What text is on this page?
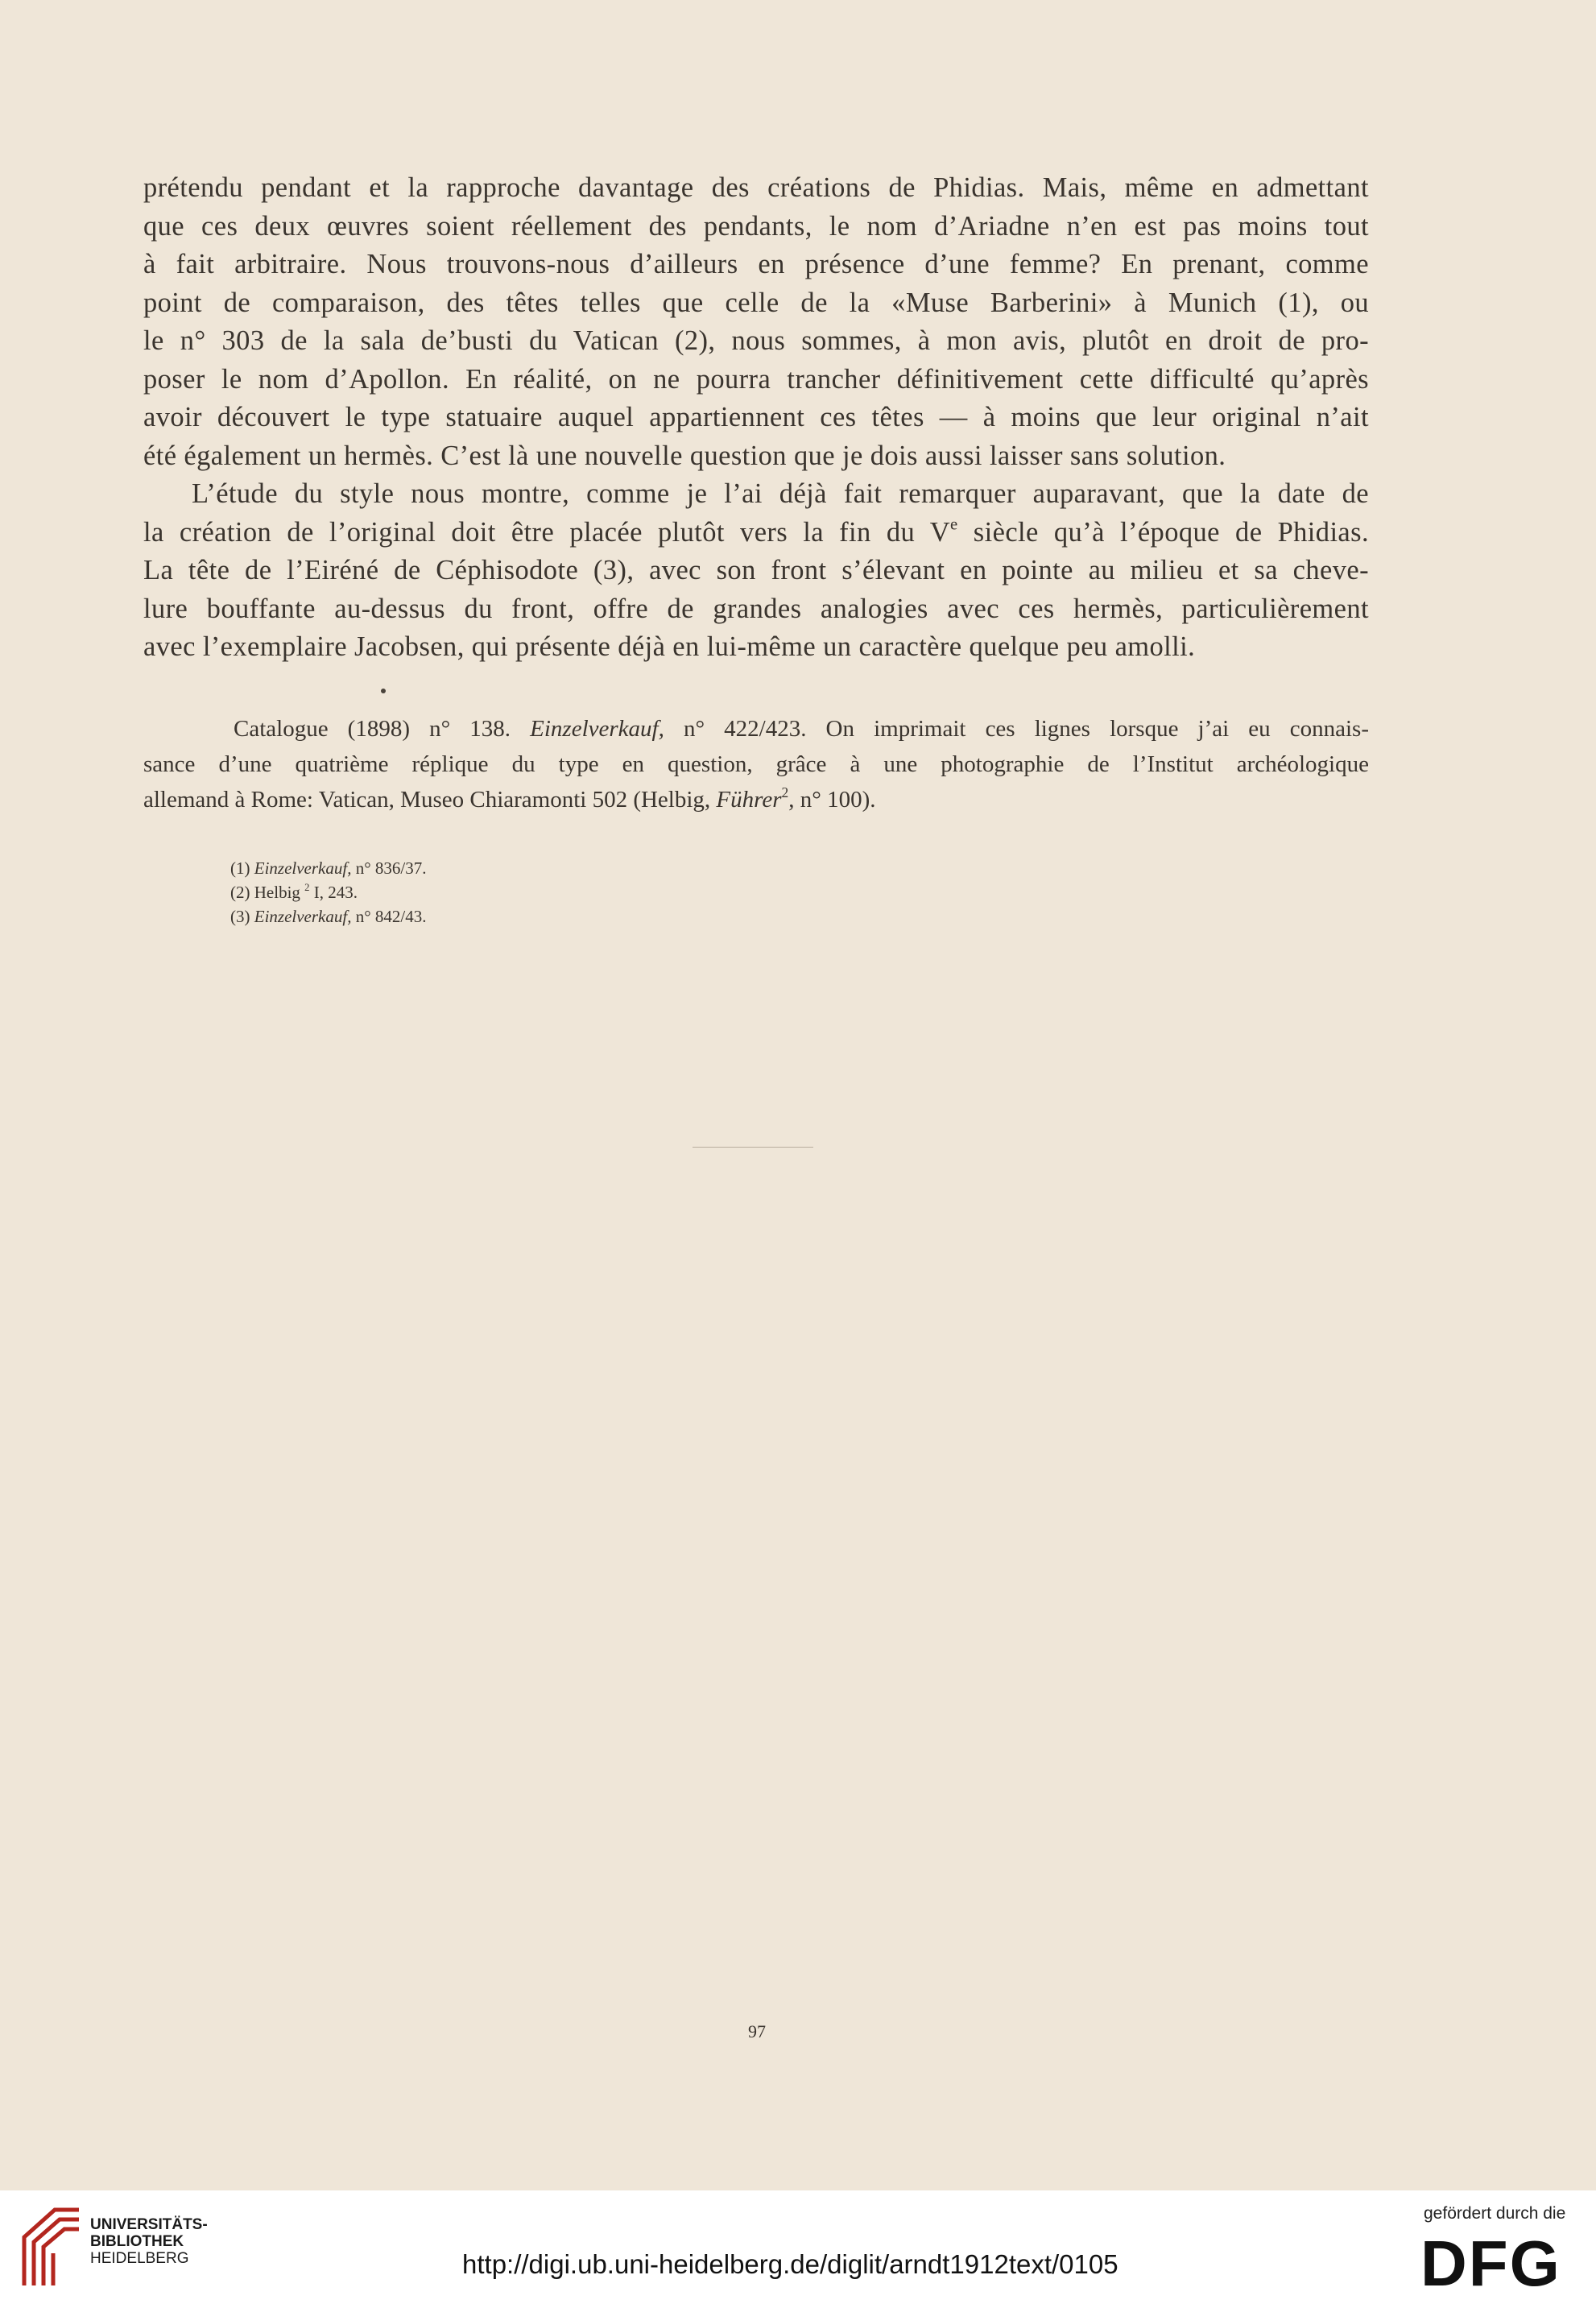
prétendu pendant et la rapproche davantage des créations de Phidias. Mais, même en admettant
que ces deux œuvres soient réellement des pendants, le nom d’Ariadne n’en est pas moins tout
à fait arbitraire. Nous trouvons-nous d’ailleurs en présence d’une femme? En prenant, comme
point de comparaison, des têtes telles que celle de la «Muse Barberini» à Munich (1), ou
le n° 303 de la sala de’busti du Vatican (2), nous sommes, à mon avis, plutôt en droit de pro-
poser le nom d’Apollon. En réalité, on ne pourra trancher définitivement cette difficulté qu’après
avoir découvert le type statuaire auquel appartiennent ces têtes — à moins que leur original n’ait
été également un hermès. C’est là une nouvelle question que je dois aussi laisser sans solution.
L’étude du style nous montre, comme je l’ai déjà fait remarquer auparavant, que la date de
la création de l’original doit être placée plutôt vers la fin du Ve siècle qu’à l’époque de Phidias.
La tête de l’Eiréné de Céphisodote (3), avec son front s’élevant en pointe au milieu et sa cheve-
lure bouffante au-dessus du front, offre de grandes analogies avec ces hermès, particulièrement
avec l’exemplaire Jacobsen, qui présente déjà en lui-même un caractère quelque peu amolli.
Catalogue (1898) n° 138. Einzelverkauf, n° 422/423. On imprimait ces lignes lorsque j’ai eu connais-
sance d’une quatrième réplique du type en question, grâce à une photographie de l’Institut archéologique
allemand à Rome: Vatican, Museo Chiaramonti 502 (Helbig, Führer$^2$, n° 100).
(1) Einzelverkauf, n° 836/37.
(2) Helbig $^2$ I, 243.
(3) Einzelverkauf, n° 842/43.
97
UNIVERSITÄTS-
BIBLIOTHEK
HEIDELBERG	http://digi.ub.uni-heidelberg.de/diglit/arndt1912text/0105
gefördert durch die
DFG
